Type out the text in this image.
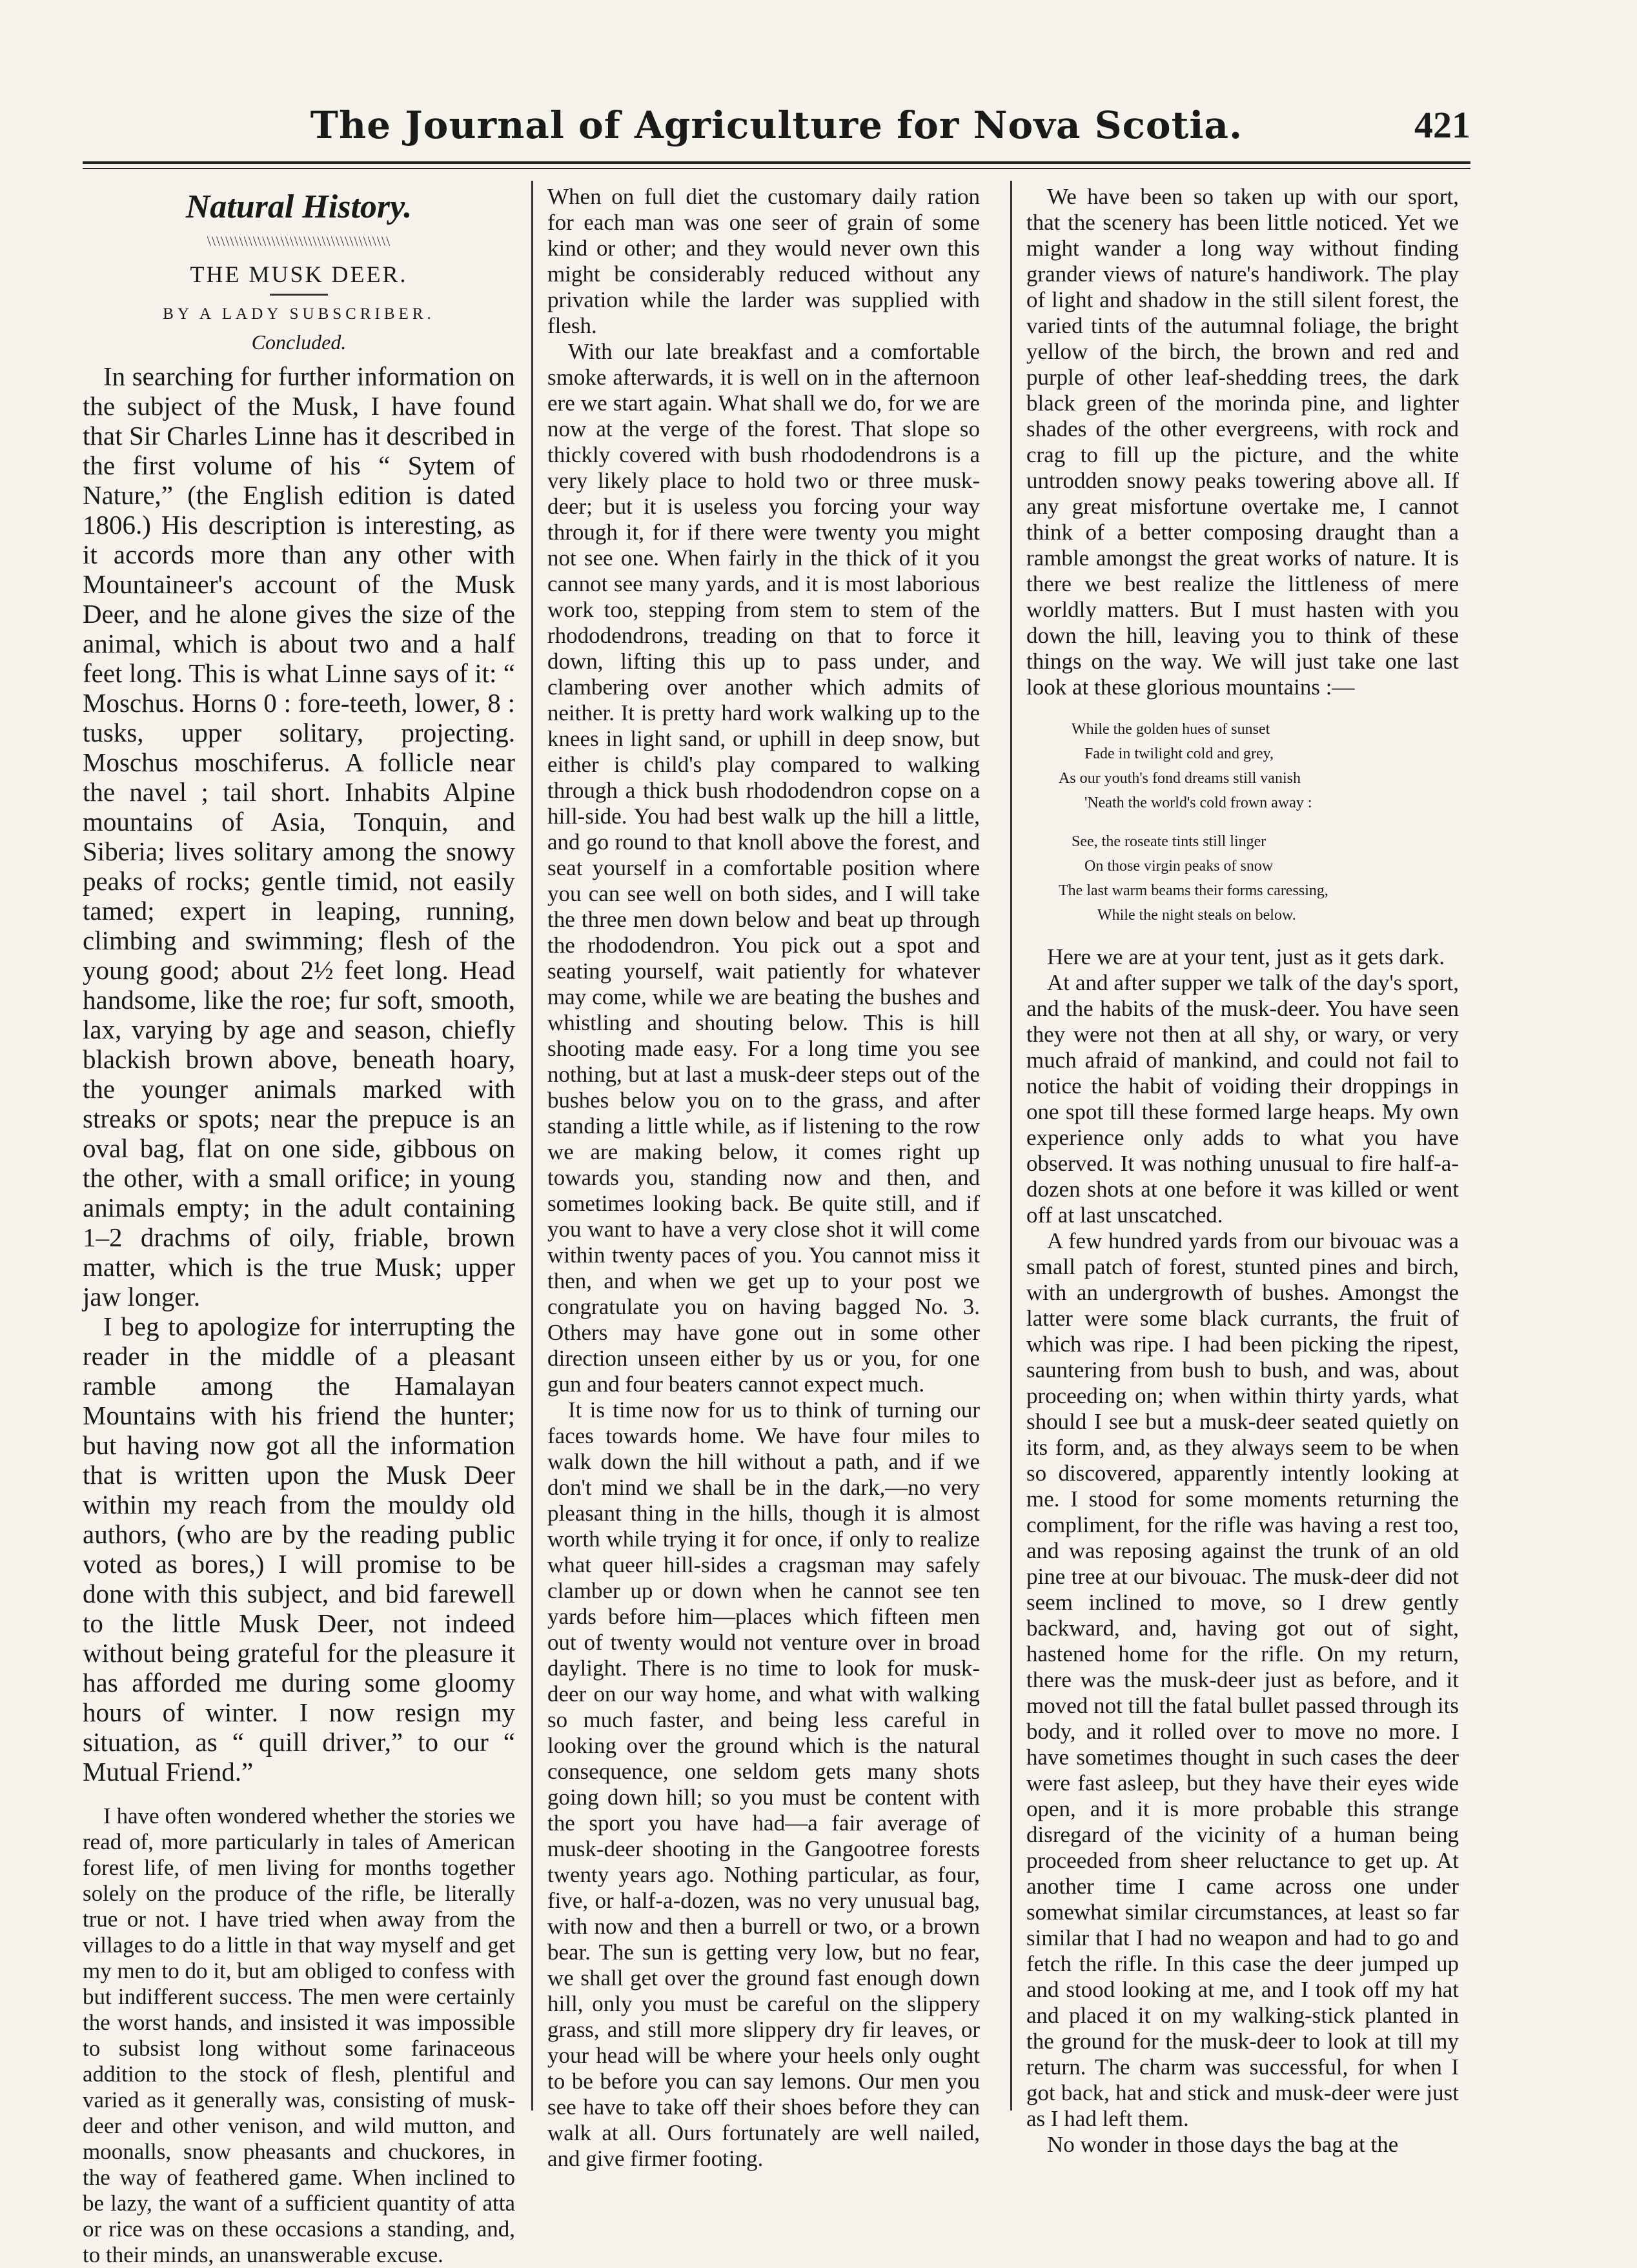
The Journal of Agriculture for Nova Scotia.	421
Natural History.
\\\\\\\\\\\\\\\\\\\\\\\\\\\\\\\\\\\\\\\\
THE MUSK DEER.
BY A LADY SUBSCRIBER.
Concluded.

In searching for further information on the subject of the Musk, I have found that Sir Charles Linne has it described in the first volume of his “ Sytem of Nature,” (the English edition is dated 1806.) His description is interesting, as it accords more than any other with Mountaineer's account of the Musk Deer, and he alone gives the size of the animal, which is about two and a half feet long. This is what Linne says of it: “ Moschus. Horns 0 : fore-teeth, lower, 8 : tusks, upper solitary, projecting. Moschus moschiferus. A follicle near the navel ; tail short. Inhabits Alpine mountains of Asia, Tonquin, and Siberia; lives solitary among the snowy peaks of rocks; gentle timid, not easily tamed; expert in leaping, running, climbing and swimming; flesh of the young good; about 2½ feet long. Head handsome, like the roe; fur soft, smooth, lax, varying by age and season, chiefly blackish brown above, beneath hoary, the younger animals marked with streaks or spots; near the prepuce is an oval bag, flat on one side, gibbous on the other, with a small orifice; in young animals empty; in the adult containing 1–2 drachms of oily, friable, brown matter, which is the true Musk; upper jaw longer.

I beg to apologize for interrupting the reader in the middle of a pleasant ramble among the Hamalayan Mountains with his friend the hunter; but having now got all the information that is written upon the Musk Deer within my reach from the mouldy old authors, (who are by the reading public voted as bores,) I will promise to be done with this subject, and bid farewell to the little Musk Deer, not indeed without being grateful for the pleasure it has afforded me during some gloomy hours of winter. I now resign my situation, as “ quill driver,” to our “ Mutual Friend.”

I have often wondered whether the stories we read of, more particularly in tales of American forest life, of men living for months together solely on the produce of the rifle, be literally true or not. I have tried when away from the villages to do a little in that way myself and get my men to do it, but am obliged to confess with but indifferent success. The men were certainly the worst hands, and insisted it was impossible to subsist long without some farinaceous addition to the stock of flesh, plentiful and varied as it generally was, consisting of musk-deer and other venison, and wild mutton, and moonalls, snow pheasants and chuckores, in the way of feathered game. When inclined to be lazy, the want of a sufficient quantity of atta or rice was on these occasions a standing, and, to their minds, an unanswerable excuse.

When on full diet the customary daily ration for each man was one seer of grain of some kind or other; and they would never own this might be considerably reduced without any privation while the larder was supplied with flesh.

With our late breakfast and a comfortable smoke afterwards, it is well on in the afternoon ere we start again. What shall we do, for we are now at the verge of the forest. That slope so thickly covered with bush rhododendrons is a very likely place to hold two or three musk-deer; but it is useless you forcing your way through it, for if there were twenty you might not see one. When fairly in the thick of it you cannot see many yards, and it is most laborious work too, stepping from stem to stem of the rhododendrons, treading on that to force it down, lifting this up to pass under, and clambering over another which admits of neither. It is pretty hard work walking up to the knees in light sand, or uphill in deep snow, but either is child's play compared to walking through a thick bush rhododendron copse on a hill-side. You had best walk up the hill a little, and go round to that knoll above the forest, and seat yourself in a comfortable position where you can see well on both sides, and I will take the three men down below and beat up through the rhododendron. You pick out a spot and seating yourself, wait patiently for whatever may come, while we are beating the bushes and whistling and shouting below. This is hill shooting made easy. For a long time you see nothing, but at last a musk-deer steps out of the bushes below you on to the grass, and after standing a little while, as if listening to the row we are making below, it comes right up towards you, standing now and then, and sometimes looking back. Be quite still, and if you want to have a very close shot it will come within twenty paces of you. You cannot miss it then, and when we get up to your post we congratulate you on having bagged No. 3. Others may have gone out in some other direction unseen either by us or you, for one gun and four beaters cannot expect much.

It is time now for us to think of turning our faces towards home. We have four miles to walk down the hill without a path, and if we don't mind we shall be in the dark,—no very pleasant thing in the hills, though it is almost worth while trying it for once, if only to realize what queer hill-sides a cragsman may safely clamber up or down when he cannot see ten yards before him—places which fifteen men out of twenty would not venture over in broad daylight. There is no time to look for musk-deer on our way home, and what with walking so much faster, and being less careful in looking over the ground which is the natural consequence, one seldom gets many shots going down hill; so you must be content with the sport you have had—a fair average of musk-deer shooting in the Gangootree forests twenty years ago. Nothing particular, as four, five, or half-a-dozen, was no very unusual bag, with now and then a burrell or two, or a brown bear. The sun is getting very low, but no fear, we shall get over the ground fast enough down hill, only you must be careful on the slippery grass, and still more slippery dry fir leaves, or your head will be where your heels only ought to be before you can say lemons. Our men you see have to take off their shoes before they can walk at all. Ours fortunately are well nailed, and give firmer footing.

We have been so taken up with our sport, that the scenery has been little noticed. Yet we might wander a long way without finding grander views of nature's handiwork. The play of light and shadow in the still silent forest, the varied tints of the autumnal foliage, the bright yellow of the birch, the brown and red and purple of other leaf-shedding trees, the dark black green of the morinda pine, and lighter shades of the other evergreens, with rock and crag to fill up the picture, and the white untrodden snowy peaks towering above all. If any great misfortune overtake me, I cannot think of a better composing draught than a ramble amongst the great works of nature. It is there we best realize the littleness of mere worldly matters. But I must hasten with you down the hill, leaving you to think of these things on the way. We will just take one last look at these glorious mountains :—

While the golden hues of sunset
Fade in twilight cold and grey,
As our youth's fond dreams still vanish
'Neath the world's cold frown away :
See, the roseate tints still linger
On those virgin peaks of snow
The last warm beams their forms caressing,
While the night steals on below.

Here we are at your tent, just as it gets dark.

At and after supper we talk of the day's sport, and the habits of the musk-deer. You have seen they were not then at all shy, or wary, or very much afraid of mankind, and could not fail to notice the habit of voiding their droppings in one spot till these formed large heaps. My own experience only adds to what you have observed. It was nothing unusual to fire half-a-dozen shots at one before it was killed or went off at last unscatched.

A few hundred yards from our bivouac was a small patch of forest, stunted pines and birch, with an undergrowth of bushes. Amongst the latter were some black currants, the fruit of which was ripe. I had been picking the ripest, sauntering from bush to bush, and was, about proceeding on; when within thirty yards, what should I see but a musk-deer seated quietly on its form, and, as they always seem to be when so discovered, apparently intently looking at me. I stood for some moments returning the compliment, for the rifle was having a rest too, and was reposing against the trunk of an old pine tree at our bivouac. The musk-deer did not seem inclined to move, so I drew gently backward, and, having got out of sight, hastened home for the rifle. On my return, there was the musk-deer just as before, and it moved not till the fatal bullet passed through its body, and it rolled over to move no more. I have sometimes thought in such cases the deer were fast asleep, but they have their eyes wide open, and it is more probable this strange disregard of the vicinity of a human being proceeded from sheer reluctance to get up. At another time I came across one under somewhat similar circumstances, at least so far similar that I had no weapon and had to go and fetch the rifle. In this case the deer jumped up and stood looking at me, and I took off my hat and placed it on my walking-stick planted in the ground for the musk-deer to look at till my return. The charm was successful, for when I got back, hat and stick and musk-deer were just as I had left them.

No wonder in those days the bag at the
